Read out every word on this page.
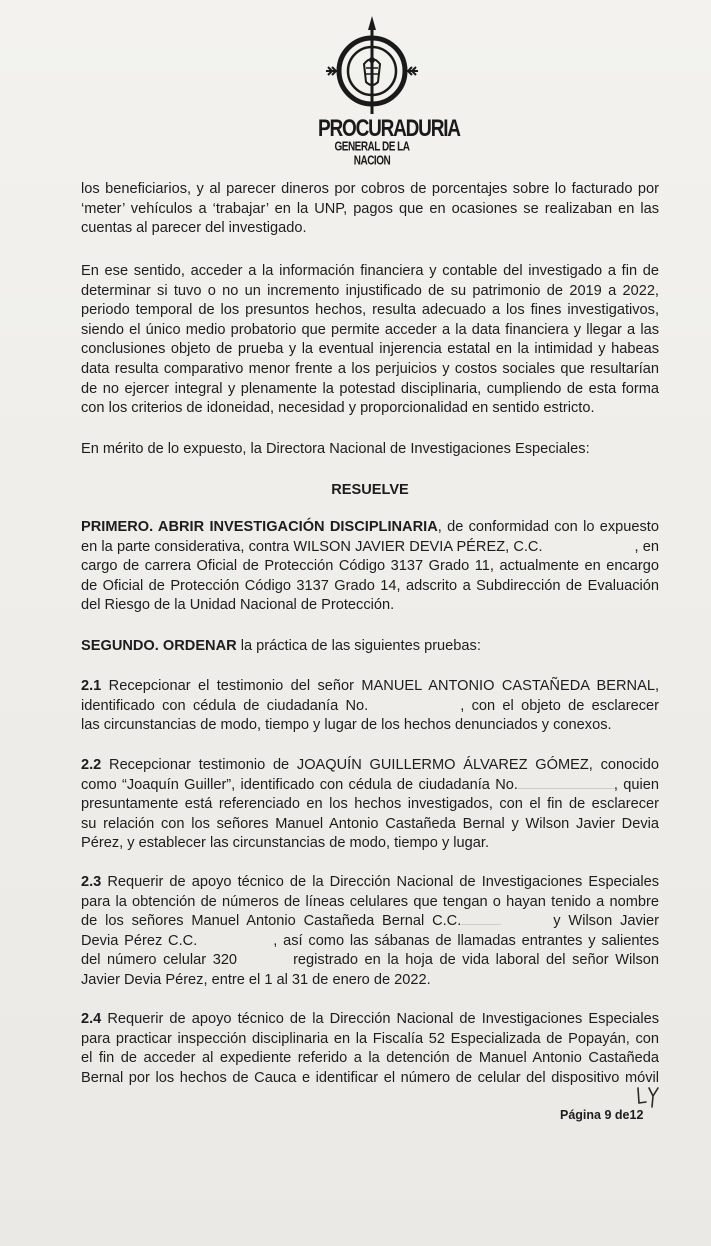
PROCURADURIA
GENERAL DE LA NACION
los beneficiarios, y al parecer dineros por cobros de porcentajes sobre lo facturado por
‘meter’ vehículos a ‘trabajar’ en la UNP, pagos que en ocasiones se realizaban en las
cuentas al parecer del investigado.
En ese sentido, acceder a la información financiera y contable del investigado a fin de
determinar si tuvo o no un incremento injustificado de su patrimonio de 2019 a 2022,
periodo temporal de los presuntos hechos, resulta adecuado a los fines investigativos,
siendo el único medio probatorio que permite acceder a la data financiera y llegar a las
conclusiones objeto de prueba y la eventual injerencia estatal en la intimidad y habeas
data resulta comparativo menor frente a los perjuicios y costos sociales que resultarían
de no ejercer integral y plenamente la potestad disciplinaria, cumpliendo de esta forma
con los criterios de idoneidad, necesidad y proporcionalidad en sentido estricto.
En mérito de lo expuesto, la Directora Nacional de Investigaciones Especiales:
RESUELVE
PRIMERO. ABRIR INVESTIGACIÓN DISCIPLINARIA, de conformidad con lo expuesto
en la parte considerativa, contra WILSON JAVIER DEVIA PÉREZ, C.C.	, en
cargo de carrera Oficial de Protección Código 3137 Grado 11, actualmente en encargo
de Oficial de Protección Código 3137 Grado 14, adscrito a Subdirección de Evaluación
del Riesgo de la Unidad Nacional de Protección.
SEGUNDO. ORDENAR la práctica de las siguientes pruebas:
2.1 Recepcionar el testimonio del señor MANUEL ANTONIO CASTAÑEDA BERNAL,
identificado con cédula de ciudadanía No.	, con el objeto de esclarecer
las circunstancias de modo, tiempo y lugar de los hechos denunciados y conexos.
2.2 Recepcionar testimonio de JOAQUÍN GUILLERMO ÁLVAREZ GÓMEZ, conocido
como “Joaquín Guiller”, identificado con cédula de ciudadanía No.	, quien
presuntamente está referenciado en los hechos investigados, con el fin de esclarecer
su relación con los señores Manuel Antonio Castañeda Bernal y Wilson Javier Devia
Pérez, y establecer las circunstancias de modo, tiempo y lugar.
2.3 Requerir de apoyo técnico de la Dirección Nacional de Investigaciones Especiales
para la obtención de números de líneas celulares que tengan o hayan tenido a nombre
de los señores Manuel Antonio Castañeda Bernal C.C.	y Wilson Javier
Devia Pérez C.C.	, así como las sábanas de llamadas entrantes y salientes
del número celular 320	registrado en la hoja de vida laboral del señor Wilson
Javier Devia Pérez, entre el 1 al 31 de enero de 2022.
2.4 Requerir de apoyo técnico de la Dirección Nacional de Investigaciones Especiales
para practicar inspección disciplinaria en la Fiscalía 52 Especializada de Popayán, con
el fin de acceder al expediente referido a la detención de Manuel Antonio Castañeda
Bernal por los hechos de Cauca e identificar el número de celular del dispositivo móvil
Página 9 de12
